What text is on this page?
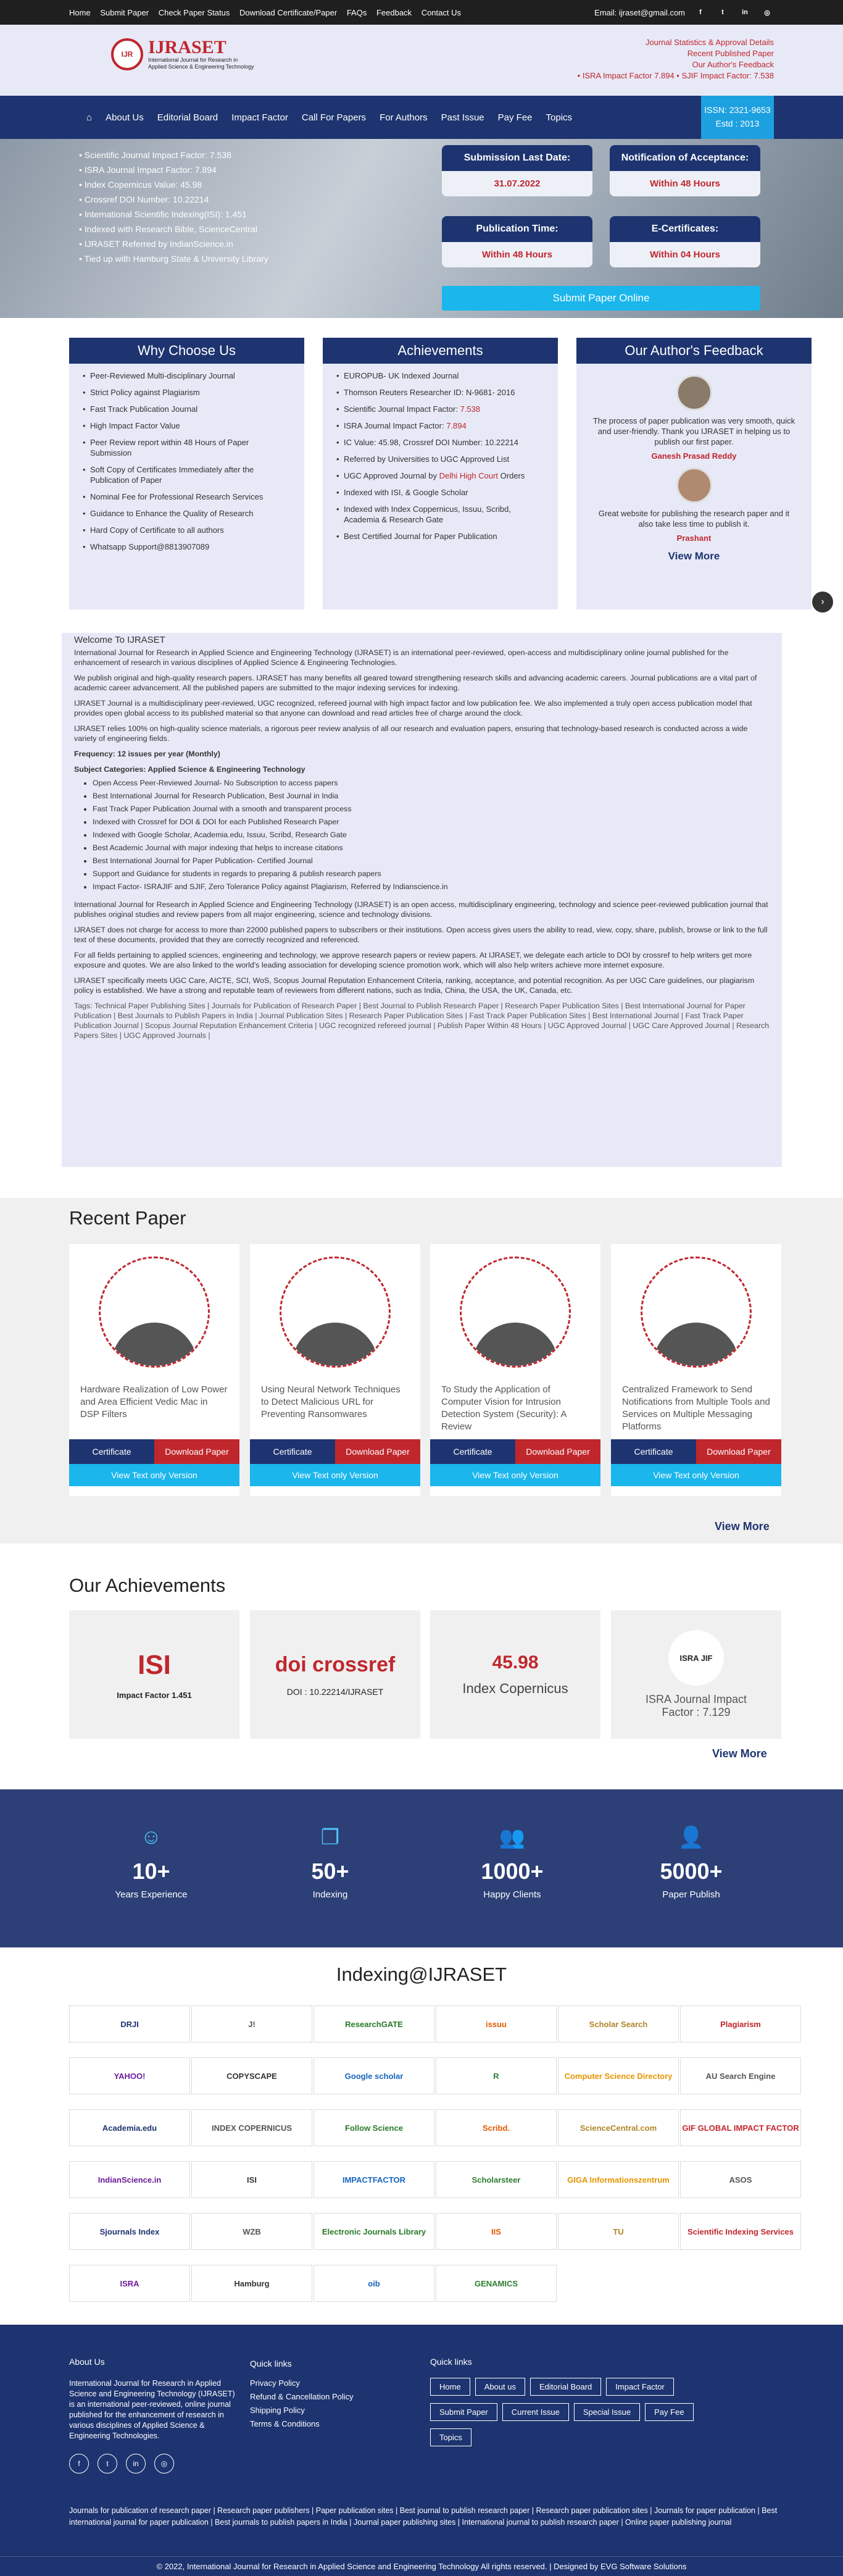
Home Submit Paper Check Paper Status Download Certificate/Paper FAQs Feedback Contact Us	Email: ijraset@gmail.com	f	t	in	◎
IJR IJRASET
International Journal for Research in
Applied Science & Engineering Technology
Journal Statistics & Approval Details
Recent Published Paper
Our Author's Feedback
• ISRA Impact Factor 7.894 • SJIF Impact Factor: 7.538
⌂ About Us Editorial Board Impact Factor Call For Papers For Authors Past Issue Pay Fee Topics
ISSN: 2321-9653
Estd : 2013
• Scientific Journal Impact Factor: 7.538
• ISRA Journal Impact Factor: 7.894
• Index Copernicus Value: 45.98
• Crossref DOI Number: 10.22214
• International Scientific Indexing(ISI): 1.451
• Indexed with Research Bible, ScienceCentral
• IJRASET Referred by IndianScience.in
• Tied up with Hamburg State & University Library
Submission Last Date:
31.07.2022
Notification of Acceptance:
Within 48 Hours
Publication Time:
Within 48 Hours
E-Certificates:
Within 04 Hours
Submit Paper Online
Why Choose Us
• Peer-Reviewed Multi-disciplinary Journal
• Strict Policy against Plagiarism
• Fast Track Publication Journal
• High Impact Factor Value
• Peer Review report within 48 Hours of Paper Submission
• Soft Copy of Certificates Immediately after the Publication of Paper
• Nominal Fee for Professional Research Services
• Guidance to Enhance the Quality of Research
• Hard Copy of Certificate to all authors
• Whatsapp Support@8813907089
Achievements
• EUROPUB- UK Indexed Journal
• Thomson Reuters Researcher ID: N-9681- 2016
• Scientific Journal Impact Factor: 7.538
• ISRA Journal Impact Factor: 7.894
• IC Value: 45.98, Crossref DOI Number: 10.22214
• Referred by Universities to UGC Approved List
• UGC Approved Journal by Delhi High Court Orders
• Indexed with ISI, & Google Scholar
• Indexed with Index Coppernicus, Issuu, Scribd, Academia & Research Gate
• Best Certified Journal for Paper Publication
Our Author's Feedback
The process of paper publication was very smooth, quick and user-friendly. Thank you IJRASET in helping us to publish our first paper.
Ganesh Prasad Reddy
Great website for publishing the research paper and it also take less time to publish it.
Prashant
View More
›
Welcome To IJRASET

International Journal for Research in Applied Science and Engineering Technology (IJRASET) is an international peer-reviewed, open-access and multidisciplinary online journal published for the enhancement of research in various disciplines of Applied Science & Engineering Technologies.

We publish original and high-quality research papers. IJRASET has many benefits all geared toward strengthening research skills and advancing academic careers. Journal publications are a vital part of academic career advancement. All the published papers are submitted to the major indexing services for indexing.

IJRASET Journal is a multidisciplinary peer-reviewed, UGC recognized, refereed journal with high impact factor and low publication fee. We also implemented a truly open access publication model that provides open global access to its published material so that anyone can download and read articles free of charge around the clock.

IJRASET relies 100% on high-quality science materials, a rigorous peer review analysis of all our research and evaluation papers, ensuring that technology-based research is conducted across a wide variety of engineering fields.

Frequency: 12 issues per year (Monthly)

Subject Categories: Applied Science & Engineering Technology

• Open Access Peer-Reviewed Journal- No Subscription to access papers
• Best International Journal for Research Publication, Best Journal in India
• Fast Track Paper Publication Journal with a smooth and transparent process
• Indexed with Crossref for DOI & DOI for each Published Research Paper
• Indexed with Google Scholar, Academia.edu, Issuu, Scribd, Research Gate
• Best Academic Journal with major indexing that helps to increase citations
• Best International Journal for Paper Publication- Certified Journal
• Support and Guidance for students in regards to preparing & publish research papers
• Impact Factor- ISRAJIF and SJIF, Zero Tolerance Policy against Plagiarism, Referred by Indianscience.in

International Journal for Research in Applied Science and Engineering Technology (IJRASET) is an open access, multidisciplinary engineering, technology and science peer-reviewed publication journal that publishes original studies and review papers from all major engineering, science and technology divisions.

IJRASET does not charge for access to more than 22000 published papers to subscribers or their institutions. Open access gives users the ability to read, view, copy, share, publish, browse or link to the full text of these documents, provided that they are correctly recognized and referenced.

For all fields pertaining to applied sciences, engineering and technology, we approve research papers or review papers. At IJRASET, we delegate each article to DOI by crossref to help writers get more exposure and quotes. We are also linked to the world's leading association for developing science promotion work, which will also help writers achieve more internet exposure.

IJRASET specifically meets UGC Care, AICTE, SCI, WoS, Scopus Journal Reputation Enhancement Criteria, ranking, acceptance, and potential recognition. As per UGC Care guidelines, our plagiarism policy is established. We have a strong and reputable team of reviewers from different nations, such as India, China, the USA, the UK, Canada, etc.

Tags: Technical Paper Publishing Sites | Journals for Publication of Research Paper | Best Journal to Publish Research Paper | Research Paper Publication Sites | Best International Journal for Paper Publication | Best Journals to Publish Papers in India | Journal Publication Sites | Research Paper Publication Sites | Fast Track Paper Publication Sites | Best International Journal | Fast Track Paper Publication Journal | Scopus Journal Reputation Enhancement Criteria | UGC recognized refereed journal | Publish Paper Within 48 Hours | UGC Approved Journal | UGC Care Approved Journal | Research Papers Sites | UGC Approved Journals |

Recent Paper
Hardware Realization of Low Power and Area Efficient Vedic Mac in DSP Filters
Certificate	Download Paper
View Text only Version
Using Neural Network Techniques to Detect Malicious URL for Preventing Ransomwares
Certificate	Download Paper
View Text only Version
To Study the Application of Computer Vision for Intrusion Detection System (Security): A Review
Certificate	Download Paper
View Text only Version
Centralized Framework to Send Notifications from Multiple Tools and Services on Multiple Messaging Platforms
Certificate	Download Paper
View Text only Version
View More
Our Achievements
ISI
Impact Factor 1.451
doi crossref
DOI : 10.22214/IJRASET
45.98
Index Copernicus
ISRA JIF
ISRA Journal Impact Factor : 7.129
View More
☺
10+
Years Experience
❐
50+
Indexing
👥
1000+
Happy Clients
👤
5000+
Paper Publish
Indexing@IJRASET
About Us
International Journal for Research in Applied Science and Engineering Technology (IJRASET) is an international peer-reviewed, online journal published for the enhancement of research in various disciplines of Applied Science & Engineering Technologies.
f	t	in	◎
Quick links
Privacy Policy
Refund & Cancellation Policy
Shipping Policy
Terms & Conditions
Quick links
Home	About us	Editorial Board	Impact Factor
Submit Paper	Current Issue	Special Issue	Pay Fee
Topics
Journals for publication of research paper | Research paper publishers | Paper publication sites | Best journal to publish research paper | Research paper publication sites | Journals for paper publication | Best international journal for paper publication | Best journals to publish papers in India | Journal paper publishing sites | International journal to publish research paper | Online paper publishing journal
© 2022, International Journal for Research in Applied Science and Engineering Technology All rights reserved. | Designed by EVG Software Solutions
DRJI	J!	ResearchGATE	issuu	Scholar Search	Plagiarism
YAHOO!	COPYSCAPE	Google scholar	R	Computer Science Directory	AU Search Engine
Academia.edu	INDEX COPERNICUS	Follow Science	Scribd.	ScienceCentral.com	GIF GLOBAL IMPACT FACTOR
IndianScience.in	ISI	IMPACTFACTOR	Scholarsteer	GIGA Informationszentrum	ASOS
Sjournals Index	WZB	Electronic Journals Library	IIS	TU	Scientific Indexing Services
ISRA	Hamburg	oib	GENAMICS
